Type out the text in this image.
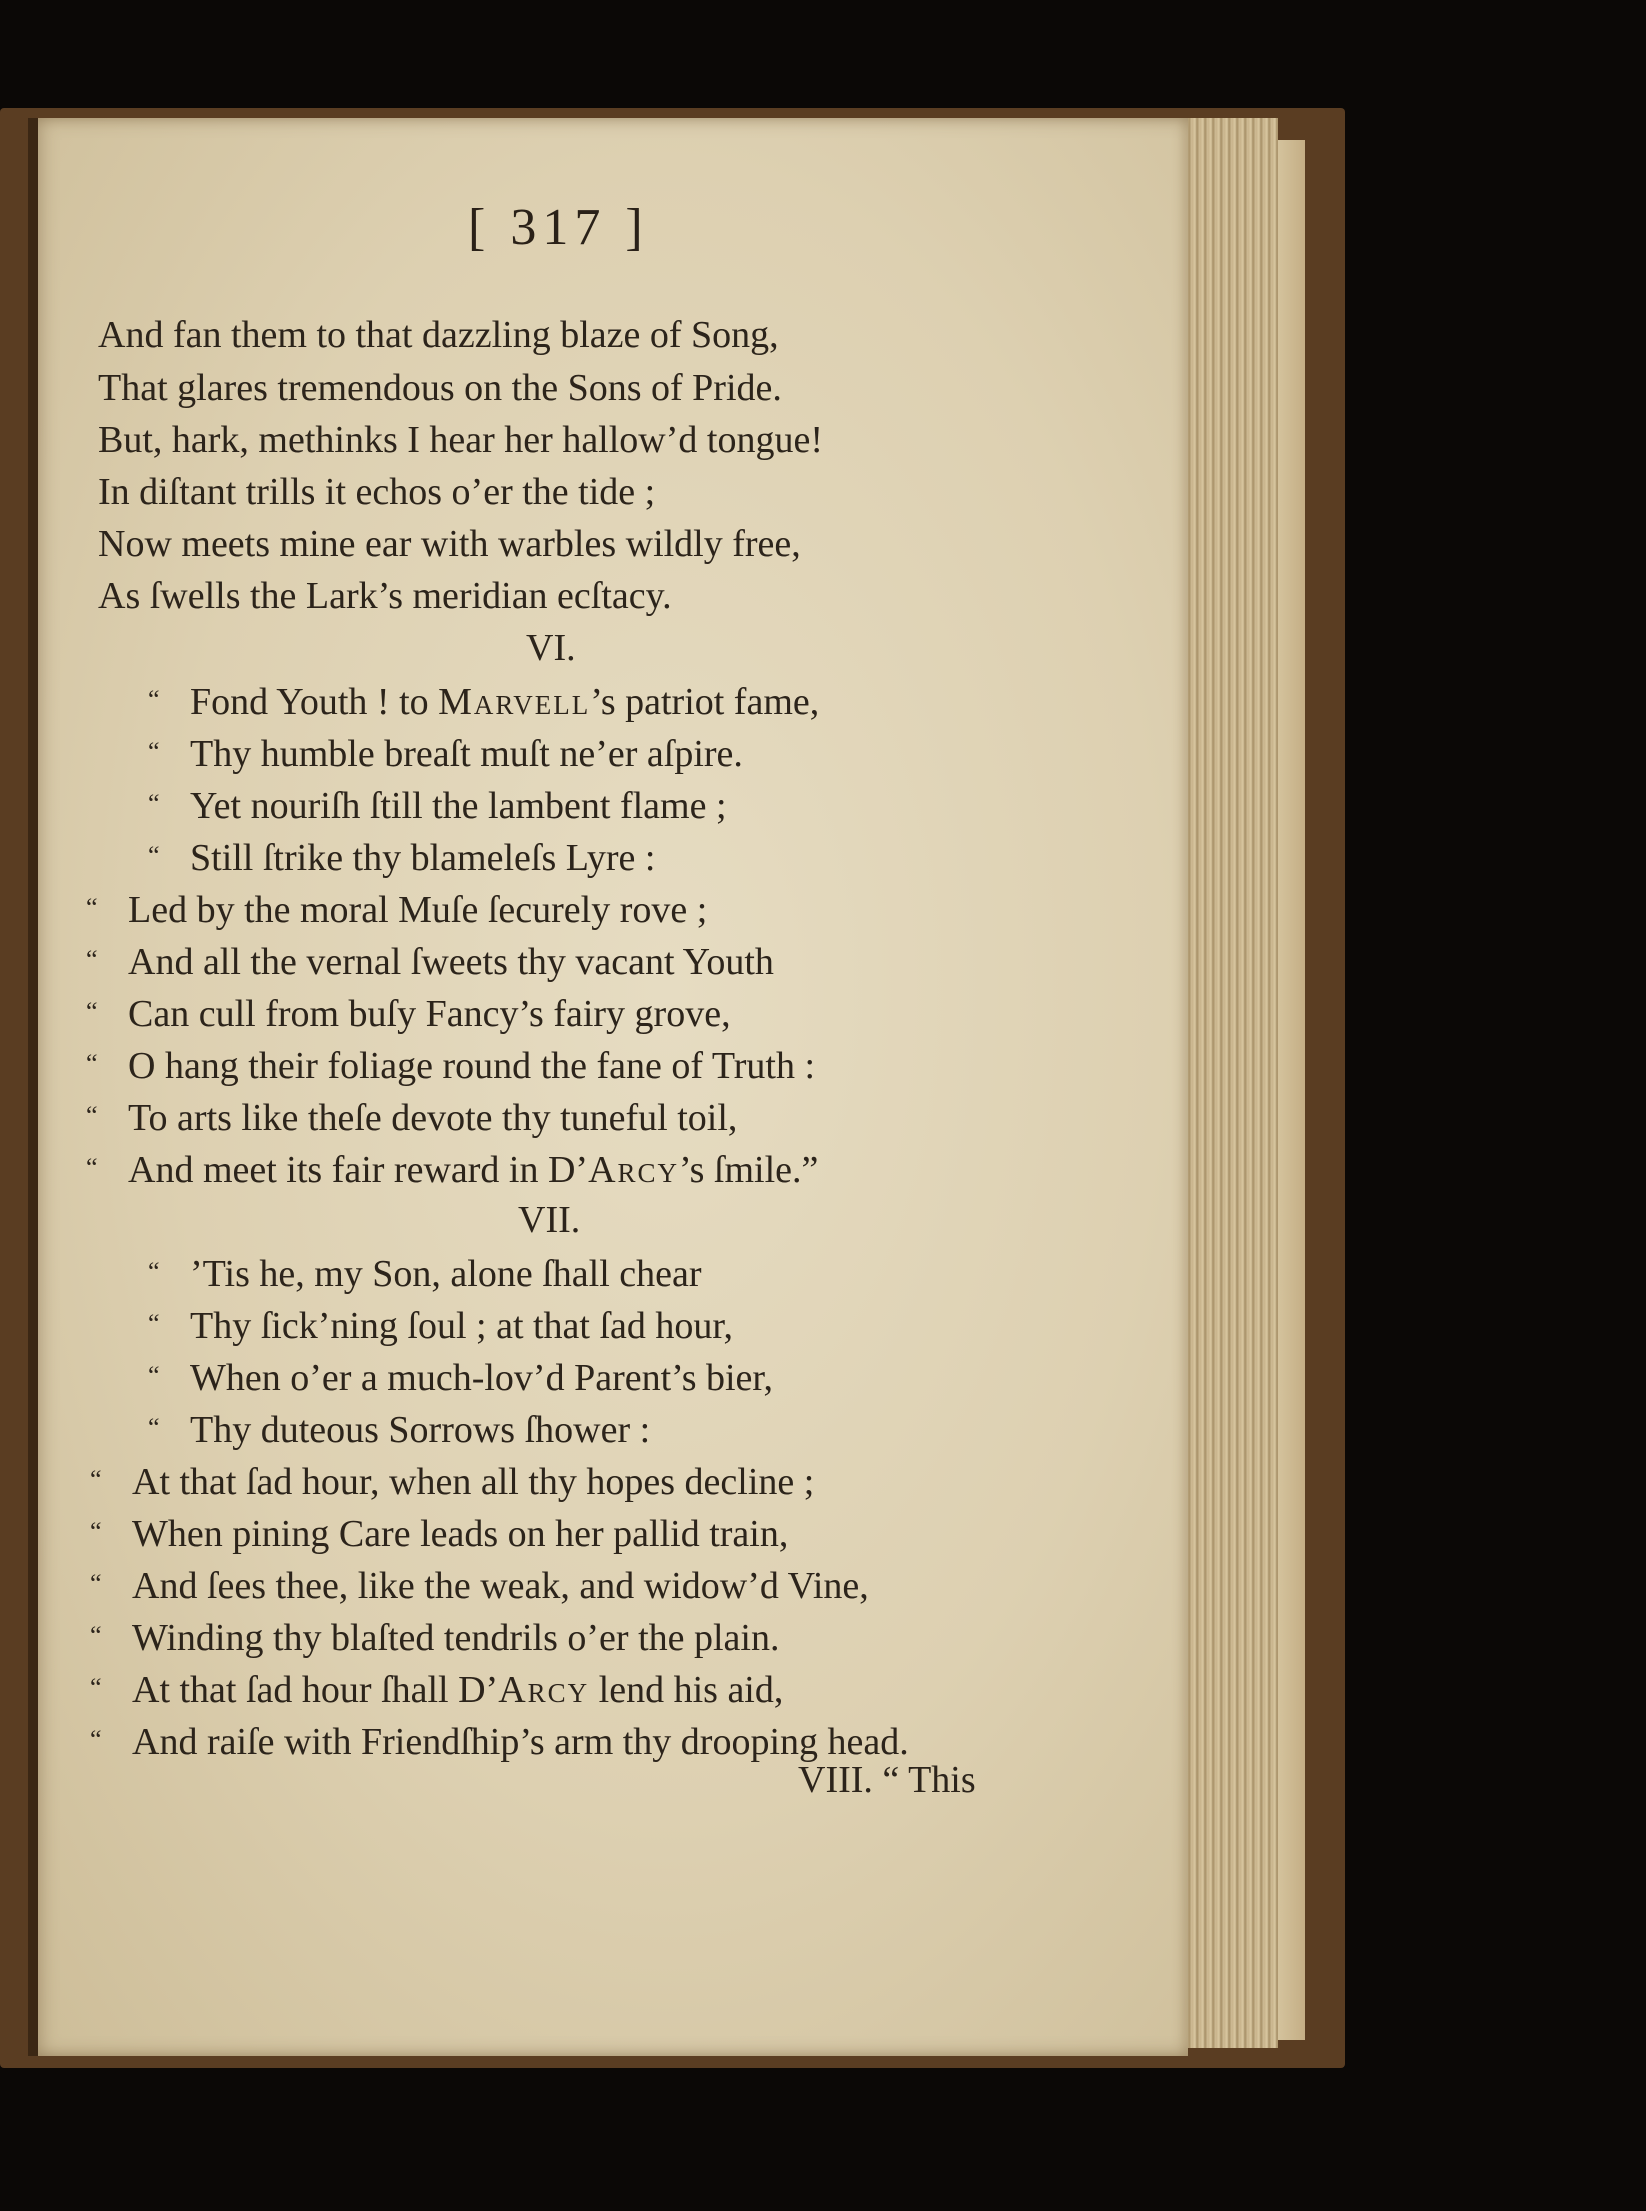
[ 317 ]
And fan them to that dazzling blaze of Song,
That glares tremendous on the Sons of Pride.
But, hark, methinks I hear her hallow’d tongue!
In diſtant trills it echos o’er the tide ;
Now meets mine ear with warbles wildly free,
As ſwells the Lark’s meridian ecſtacy.
VI.
“ Fond Youth ! to Marvell’s patriot fame,
“ Thy humble breaſt muſt ne’er aſpire.
“ Yet nouriſh ſtill the lambent flame ;
“ Still ſtrike thy blameleſs Lyre :
“ Led by the moral Muſe ſecurely rove ;
“ And all the vernal ſweets thy vacant Youth
“ Can cull from buſy Fancy’s fairy grove,
“ O hang their foliage round the fane of Truth :
“ To arts like theſe devote thy tuneful toil,
“ And meet its fair reward in D’Arcy’s ſmile.”
VII.
“ ’Tis he, my Son, alone ſhall chear
“ Thy ſick’ning ſoul ; at that ſad hour,
“ When o’er a much-lov’d Parent’s bier,
“ Thy duteous Sorrows ſhower :
“ At that ſad hour, when all thy hopes decline ;
“ When pining Care leads on her pallid train,
“ And ſees thee, like the weak, and widow’d Vine,
“ Winding thy blaſted tendrils o’er the plain.
“ At that ſad hour ſhall D’Arcy lend his aid,
“ And raiſe with Friendſhip’s arm thy drooping head.
VIII. “ This
